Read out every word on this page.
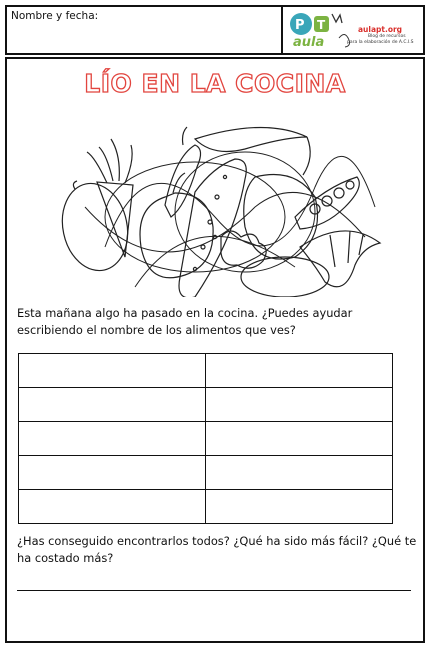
Nombre y fecha:
P T
aula
aulapt.org
Blog de recursos
para la elaboración de A.C.I.S
LÍO EN LA COCINA
Esta mañana algo ha pasado en la cocina. ¿Puedes ayudar escribiendo el nombre de los alimentos que ves?

¿Has conseguido encontrarlos todos? ¿Qué ha sido más fácil? ¿Qué te ha costado más?
